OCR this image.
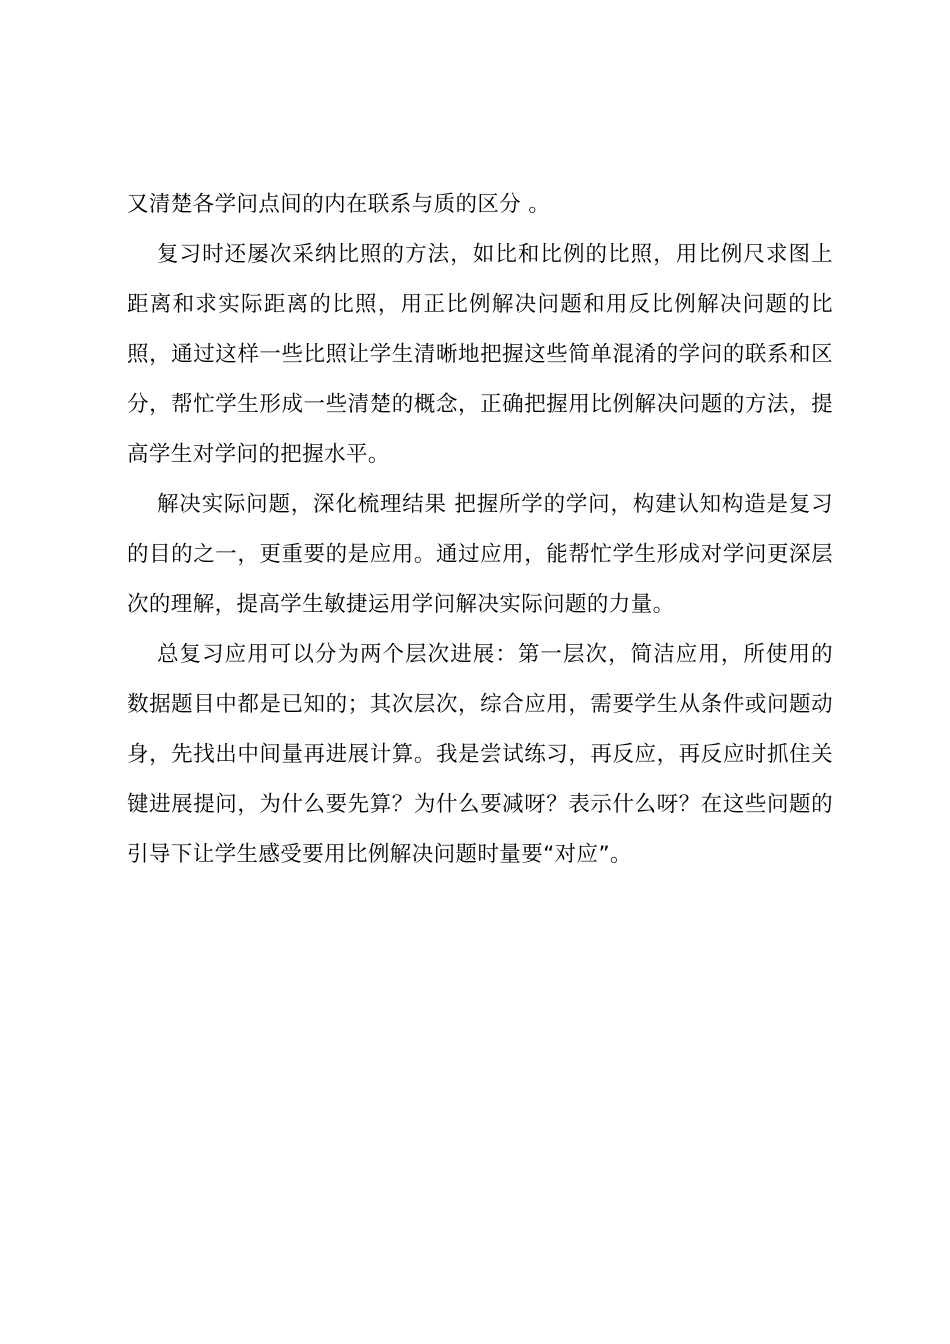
又清楚各学问点间的内在联系与质的区分 。

复习时还屡次采纳比照的方法，如比和比例的比照，用比例尺求图上距离和求实际距离的比照，用正比例解决问题和用反比例解决问题的比照，通过这样一些比照让学生清晰地把握这些简单混淆的学问的联系和区分，帮忙学生形成一些清楚的概念，正确把握用比例解决问题的方法，提高学生对学问的把握水平。

解决实际问题，深化梳理结果 把握所学的学问，构建认知构造是复习的目的之一，更重要的是应用。通过应用，能帮忙学生形成对学问更深层次的理解，提高学生敏捷运用学问解决实际问题的力量。

总复习应用可以分为两个层次进展：第一层次，简洁应用，所使用的数据题目中都是已知的；其次层次，综合应用，需要学生从条件或问题动身，先找出中间量再进展计算。我是尝试练习，再反应，再反应时抓住关键进展提问，为什么要先算？为什么要减呀？表示什么呀？在这些问题的引导下让学生感受要用比例解决问题时量要“对应”。
